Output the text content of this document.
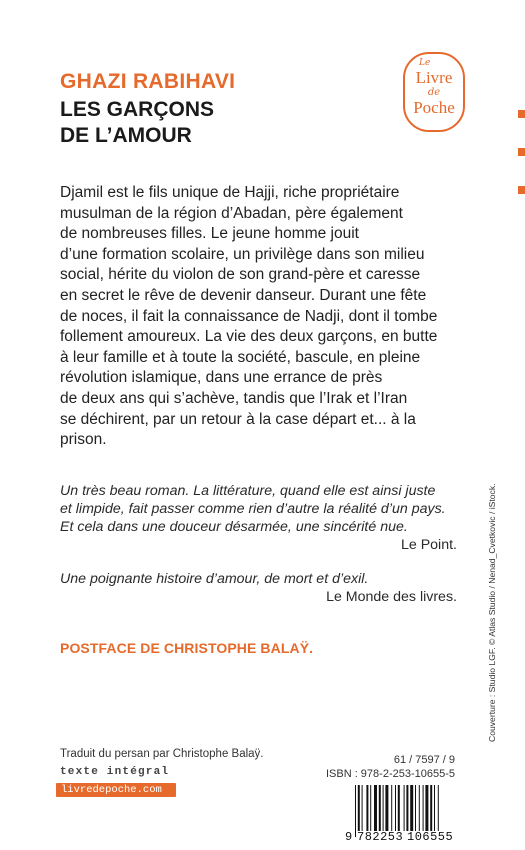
GHAZI RABIHAVI
LES GARÇONS
DE L’AMOUR
Le
Livre
de
Poche
Djamil est le fils unique de Hajji, riche propriétaire
musulman de la région d’Abadan, père également
de nombreuses filles. Le jeune homme jouit
d’une formation scolaire, un privilège dans son milieu
social, hérite du violon de son grand-père et caresse
en secret le rêve de devenir danseur. Durant une fête
de noces, il fait la connaissance de Nadji, dont il tombe
follement amoureux. La vie des deux garçons, en butte
à leur famille et à toute la société, bascule, en pleine
révolution islamique, dans une errance de près
de deux ans qui s’achève, tandis que l’Irak et l’Iran
se déchirent, par un retour à la case départ et... à la
prison.
Un très beau roman. La littérature, quand elle est ainsi juste
et limpide, fait passer comme rien d’autre la réalité d’un pays.
Et cela dans une douceur désarmée, une sincérité nue.
Le Point.
Une poignante histoire d’amour, de mort et d’exil.
Le Monde des livres.
POSTFACE DE CHRISTOPHE BALAŸ.
Traduit du persan par Christophe Balaÿ.
texte intégral
livredepoche.com
61 / 7597 / 9
ISBN : 978-2-253-10655-5
9 782253 106555
Couverture : Studio LGF. © Atlas Studio / Nenad_Cvetkovic / iStock.
